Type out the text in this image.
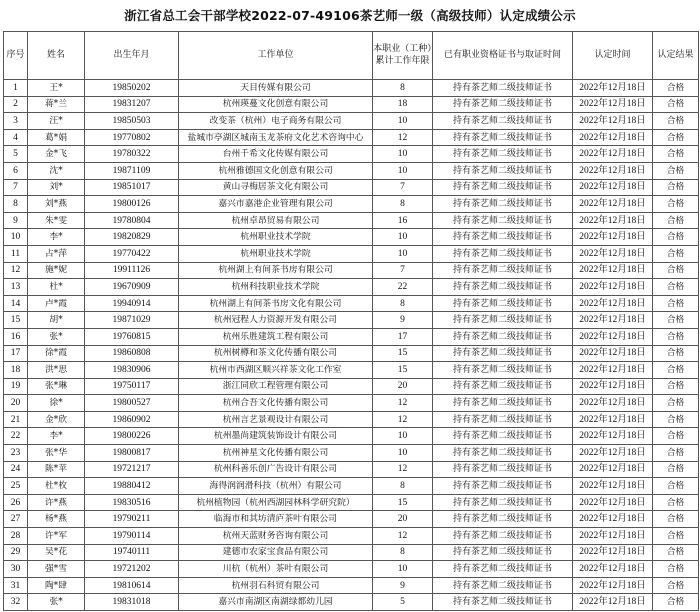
浙江省总工会干部学校2022-07-49106茶艺师一级（高级技师）认定成绩公示
序号	姓名	出生年月	工作单位	本职业（工种）累计工作年限	已有职业资格证书与取证时间	认定时间	认定结果
1	王*	19850202	天目传媒有限公司	8	持有茶艺师二级技师证书	2022年12月18日	合格
2	蒋*兰	19831207	杭州瑛蔓文化创意有限公司	18	持有茶艺师二级技师证书	2022年12月18日	合格
3	汪*	19850503	改变茶（杭州）电子商务有限公司	10	持有茶艺师二级技师证书	2022年12月18日	合格
4	葛*娟	19770802	盐城市亭湖区城南玉龙茶府文化艺术咨询中心	12	持有茶艺师二级技师证书	2022年12月18日	合格
5	金*飞	19780322	台州千希文化传媒有限公司	10	持有茶艺师二级技师证书	2022年12月18日	合格
6	沈*	19871109	杭州雅德国文化创意有限公司	10	持有茶艺师二级技师证书	2022年12月18日	合格
7	刘*	19851017	黄山寻梅居茶文化有限公司	7	持有茶艺师二级技师证书	2022年12月18日	合格
8	刘*燕	19800126	嘉兴市嘉港企业管理有限公司	8	持有茶艺师二级技师证书	2022年12月18日	合格
9	朱*雯	19780804	杭州卓昂贸易有限公司	16	持有茶艺师二级技师证书	2022年12月18日	合格
10	李*	19820829	杭州职业技术学院	10	持有茶艺师二级技师证书	2022年12月18日	合格
11	占*萍	19770422	杭州职业技术学院	10	持有茶艺师二级技师证书	2022年12月18日	合格
12	施*妮	19911126	杭州湖上有间茶书房有限公司	7	持有茶艺师二级技师证书	2022年12月18日	合格
13	杜*	19670909	杭州科技职业技术学院	22	持有茶艺师二级技师证书	2022年12月18日	合格
14	卢*霞	19940914	杭州湖上有间茶书房文化有限公司	8	持有茶艺师二级技师证书	2022年12月18日	合格
15	胡*	19871029	杭州冠程人力资源开发有限公司	9	持有茶艺师二级技师证书	2022年12月18日	合格
16	张*	19760815	杭州乐胜建筑工程有限公司	17	持有茶艺师二级技师证书	2022年12月18日	合格
17	徐*霞	19860808	杭州树樽和茶文化传播有限公司	15	持有茶艺师二级技师证书	2022年12月18日	合格
18	洪*思	19830906	杭州市西湖区顺兴祥茶文化工作室	15	持有茶艺师二级技师证书	2022年12月18日	合格
19	张*琳	19750117	浙江同欣工程管理有限公司	20	持有茶艺师二级技师证书	2022年12月18日	合格
20	徐*	19800527	杭州合吾文化传播有限公司	12	持有茶艺师二级技师证书	2022年12月18日	合格
21	金*欣	19860902	杭州言艺景观设计有限公司	12	持有茶艺师二级技师证书	2022年12月18日	合格
22	李*	19800226	杭州墨尚建筑装饰设计有限公司	10	持有茶艺师二级技师证书	2022年12月18日	合格
23	张*华	19800817	杭州神星文化传播有限公司	10	持有茶艺师二级技师证书	2022年12月18日	合格
24	陈*苹	19721217	杭州科善乐创广告设计有限公司	12	持有茶艺师二级技师证书	2022年12月18日	合格
25	杜*枚	19880412	海得润润滑科技（杭州）有限公司	8	持有茶艺师二级技师证书	2022年12月18日	合格
26	许*燕	19830516	杭州植物园（杭州西湖园林科学研究院）	15	持有茶艺师二级技师证书	2022年12月18日	合格
27	杨*燕	19790211	临海市和其坊清庐茶叶有限公司	20	持有茶艺师二级技师证书	2022年12月18日	合格
28	许*军	19790114	杭州天蓝财务咨询有限公司	12	持有茶艺师二级技师证书	2022年12月18日	合格
29	吴*花	19740111	建德市农家宝食品有限公司	8	持有茶艺师二级技师证书	2022年12月18日	合格
30	强*雪	19721202	川杭（杭州）茶叶有限公司	10	持有茶艺师二级技师证书	2022年12月18日	合格
31	陶*肆	19810614	杭州羽石科贸有限公司	9	持有茶艺师二级技师证书	2022年12月18日	合格
32	张*	19831018	嘉兴市南湖区南湖绿都幼儿园	5	持有茶艺师二级技师证书	2022年12月18日	合格
